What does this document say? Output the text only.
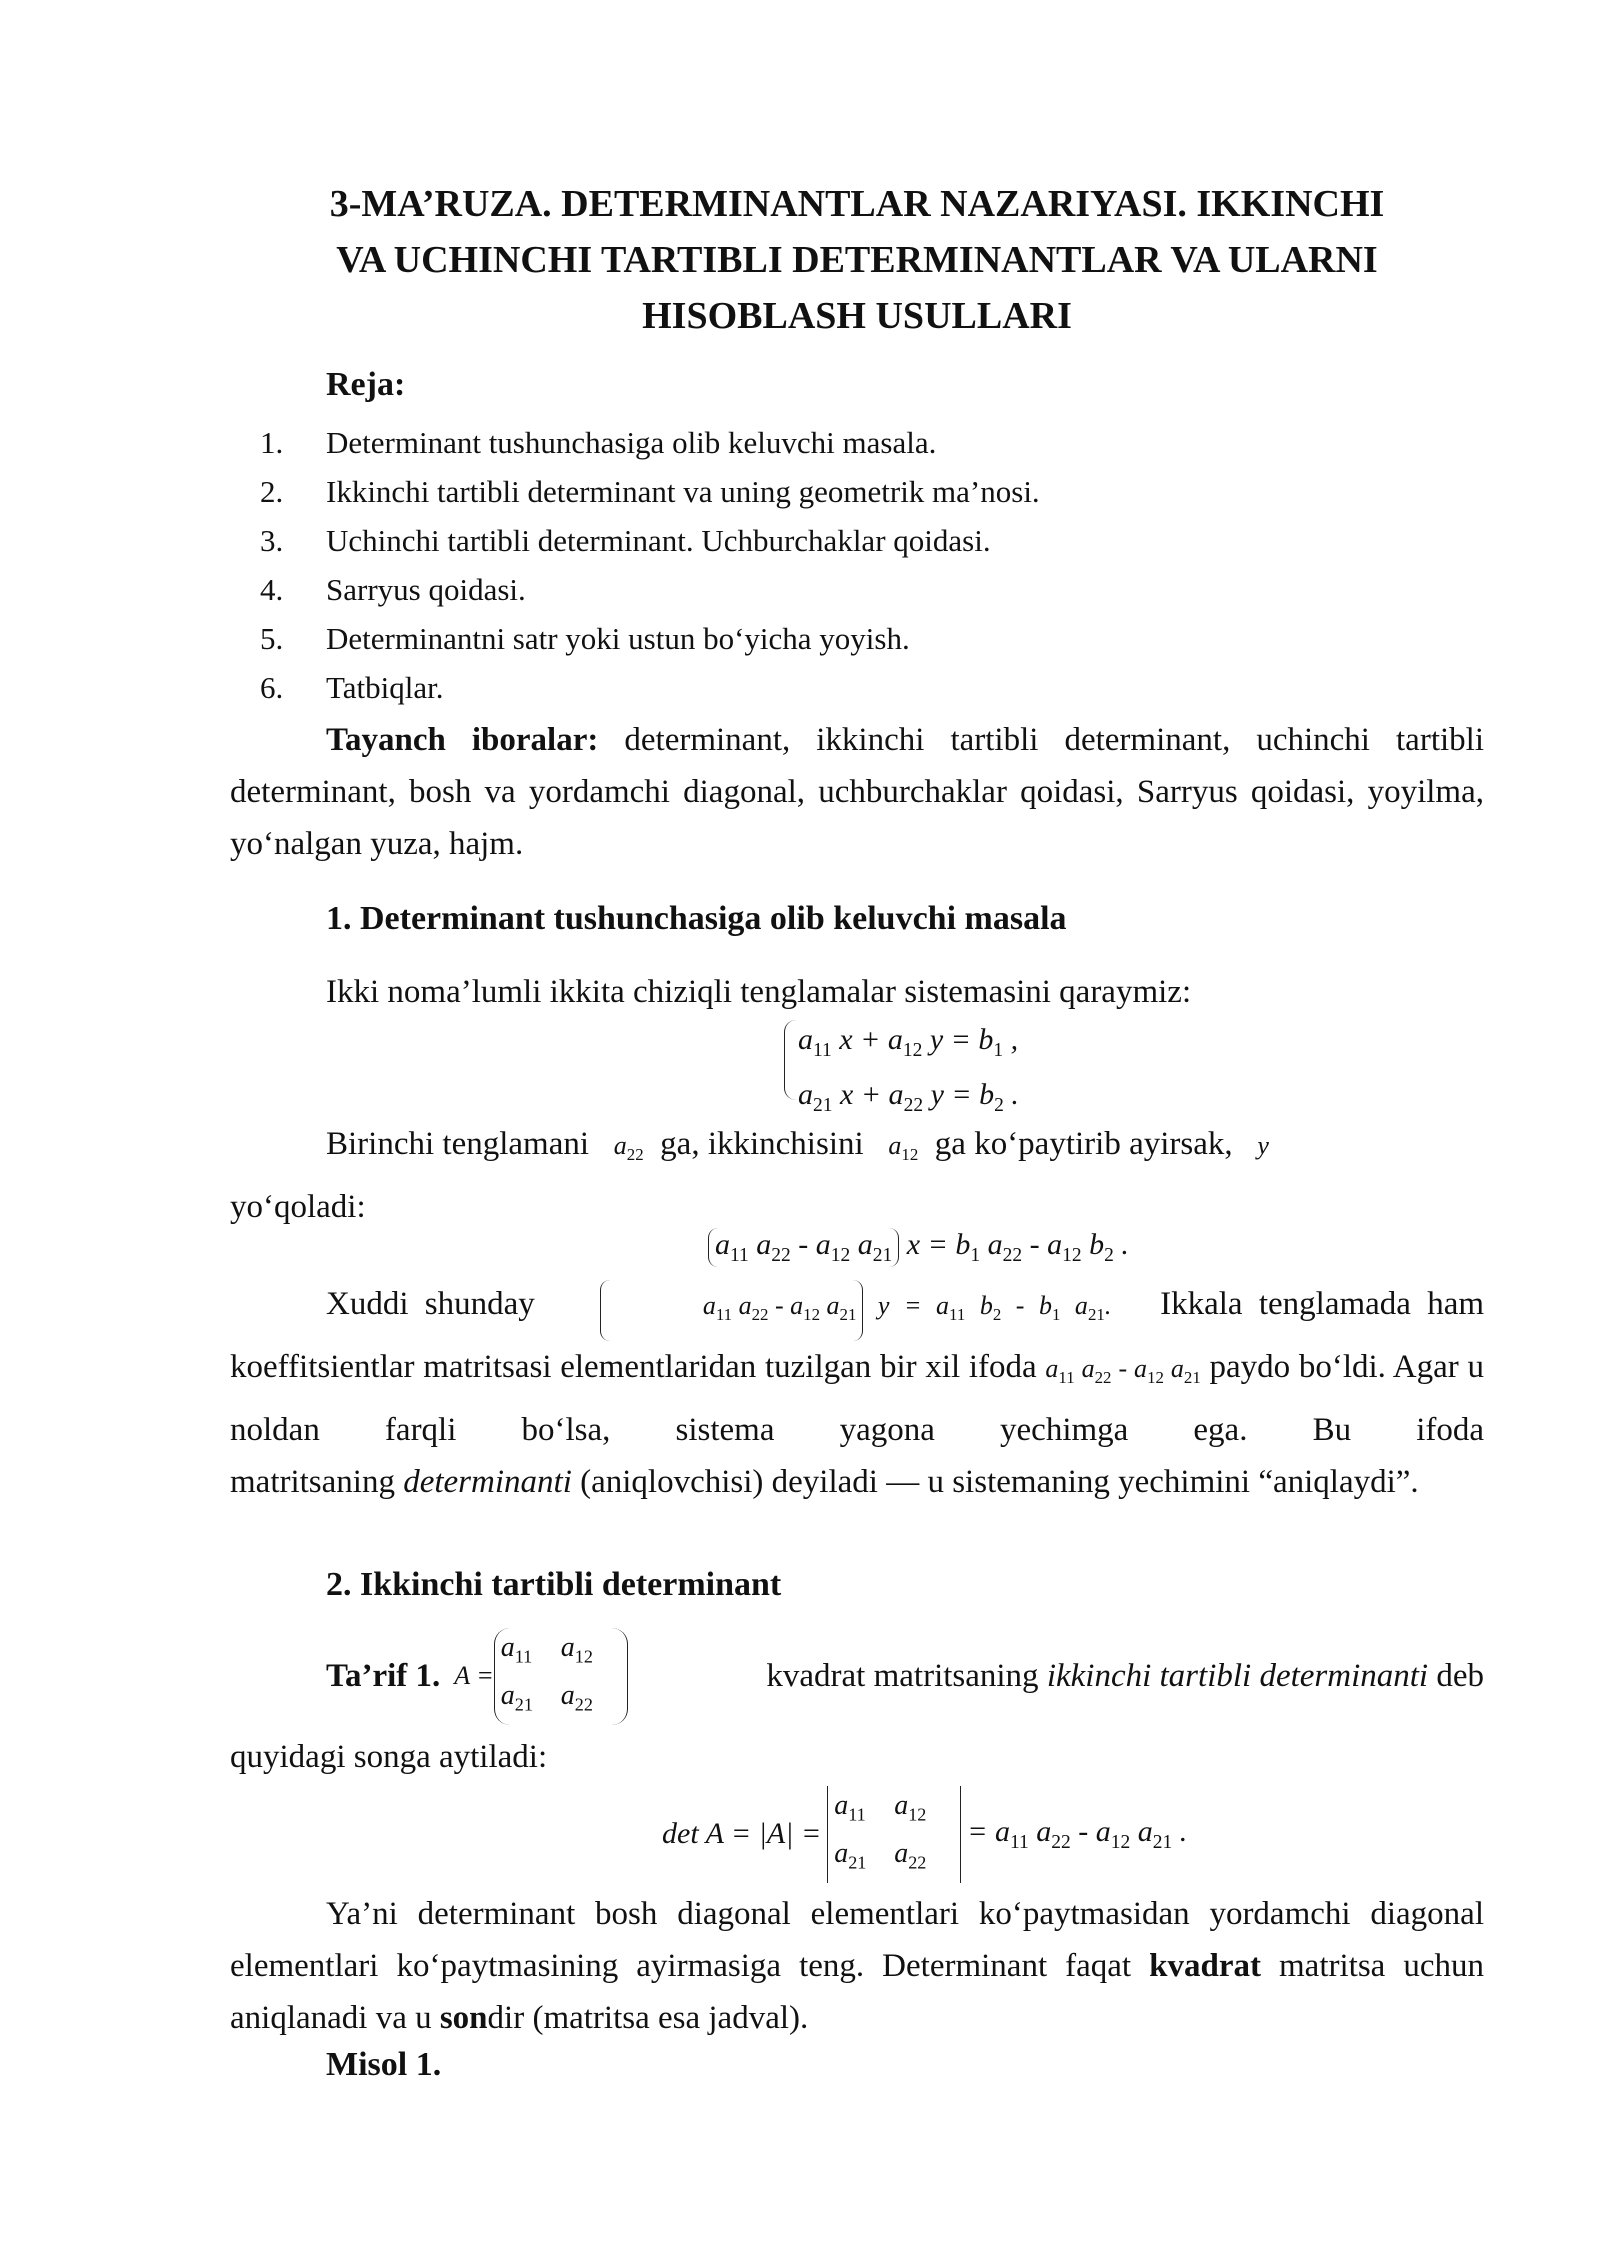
3-MA’RUZA. DETERMINANTLAR NAZARIYASI. IKKINCHI
VA UCHINCHI TARTIBLI DETERMINANTLAR VA ULARNI
HISOBLASH USULLARI

Reja:

1.	Determinant tushunchasiga olib keluvchi masala.
2.	Ikkinchi tartibli determinant va uning geometrik ma’nosi.
3.	Uchinchi tartibli determinant. Uchburchaklar qoidasi.
4.	Sarryus qoidasi.
5.	Determinantni satr yoki ustun bo‘yicha yoyish.
6.	Tatbiqlar.

Tayanch iboralar: determinant, ikkinchi tartibli determinant, uchinchi tartibli determinant, bosh va yordamchi diagonal, uchburchaklar qoidasi, Sarryus qoidasi, yoyilma, yo‘nalgan yuza, hajm.

1. Determinant tushunchasiga olib keluvchi masala

Ikki noma’lumli ikkita chiziqli tenglamalar sistemasini qaraymiz:

$a_{11}$ $x + a_{12}$ $y = b_1$ ,
$a_{21}$ $x + a_{22}$ $y = b_2$ .

Birinchi tenglamani $a_{22}$ ga, ikkinchisini $a_{12}$ ga ko‘paytirib ayirsak, y
yo‘qoladi:

$a_{11}$ $a_{22} - a_{12}$ $a_{21}$ $x = b_1$ $a_{22} - a_{12}$ $b_2$ .

Xuddi shunday	$a_{11}$ $a_{22} - a_{12}$ $a_{21}$ $y = a_{11}$ $b_2 - b_1$ $a_{21}$. Ikkala tenglamada ham koeffitsientlar matritsasi elementlaridan tuzilgan bir xil ifoda $a_{11}$ $a_{22} - a_{12}$ $a_{21}$ paydo bo‘ldi. Agar u noldan farqli bo‘lsa, sistema yagona yechimga ega. Bu ifoda matritsaning determinanti (aniqlovchisi) deyiladi — u sistemaning yechimini “aniqlaydi”.

2. Ikkinchi tartibli determinant

Ta’rif 1. A =
$a_{11}$	$a_{12}$
$a_{21}$ $a_{22}$
kvadrat matritsaning ikkinchi tartibli determinanti deb
quyidagi songa aytiladi:
det A = |A| =
$a_{11}$	$a_{12}$
$a_{21}$ $a_{22}$
= $a_{11}$ $a_{22} - a_{12}$ $a_{21}$ .

Ya’ni determinant bosh diagonal elementlari ko‘paytmasidan yordamchi diagonal elementlari ko‘paytmasining ayirmasiga teng. Determinant faqat kvadrat matritsa uchun aniqlanadi va u sondir (matritsa esa jadval).

Misol 1.
